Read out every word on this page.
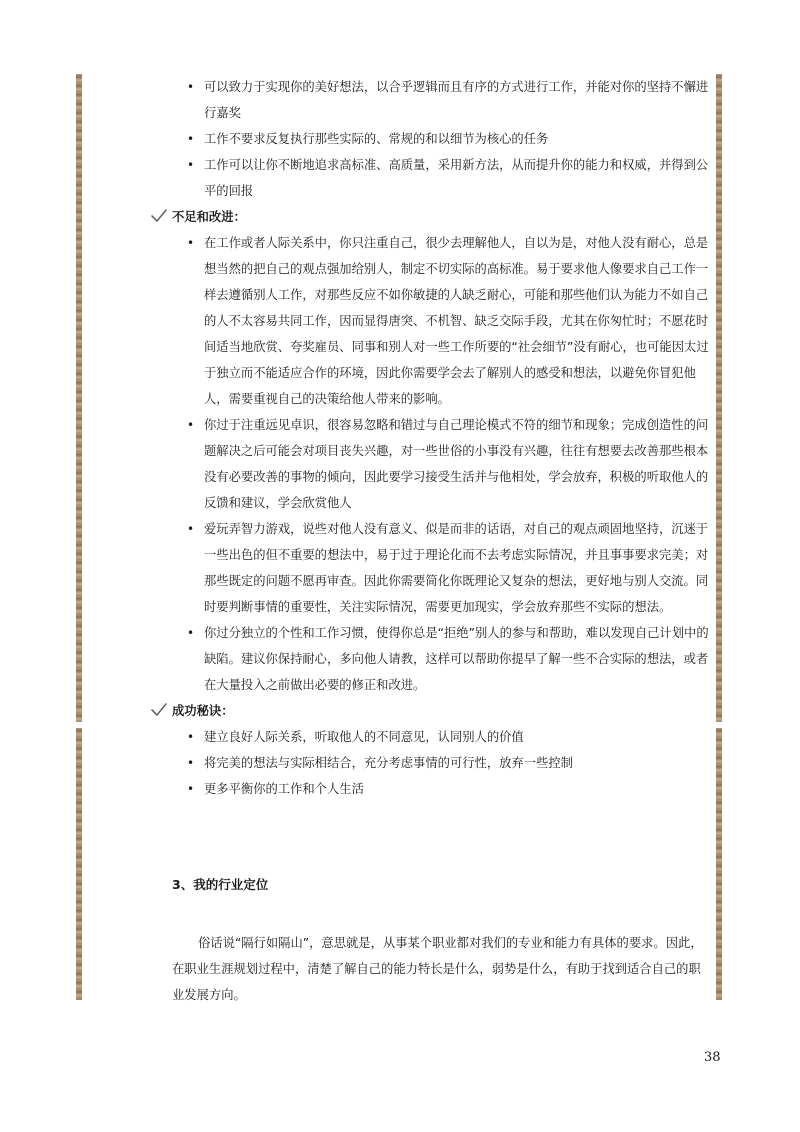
• 可以致力于实现你的美好想法，以合乎逻辑而且有序的方式进行工作，并能对你的坚持不懈进行嘉奖
• 工作不要求反复执行那些实际的、常规的和以细节为核心的任务
• 工作可以让你不断地追求高标准、高质量，采用新方法，从而提升你的能力和权威，并得到公平的回报
不足和改进：
• 在工作或者人际关系中，你只注重自己，很少去理解他人，自以为是，对他人没有耐心，总是想当然的把自己的观点强加给别人，制定不切实际的高标准。易于要求他人像要求自己工作一样去遵循别人工作，对那些反应不如你敏捷的人缺乏耐心，可能和那些他们认为能力不如自己的人不太容易共同工作，因而显得唐突、不机智、缺乏交际手段，尤其在你匆忙时；不愿花时间适当地欣赏、夸奖雇员、同事和别人对一些工作所要的“社会细节”没有耐心，也可能因太过于独立而不能适应合作的环境，因此你需要学会去了解别人的感受和想法，以避免你冒犯他人，需要重视自己的决策给他人带来的影响。
• 你过于注重远见卓识，很容易忽略和错过与自己理论模式不符的细节和现象；完成创造性的问题解决之后可能会对项目丧失兴趣，对一些世俗的小事没有兴趣，往往有想要去改善那些根本没有必要改善的事物的倾向，因此要学习接受生活并与他相处，学会放弃，积极的听取他人的反馈和建议，学会欣赏他人
• 爱玩弄智力游戏，说些对他人没有意义、似是而非的话语，对自己的观点顽固地坚持，沉迷于一些出色的但不重要的想法中，易于过于理论化而不去考虑实际情况，并且事事要求完美；对那些既定的问题不愿再审查。因此你需要简化你既理论又复杂的想法，更好地与别人交流。同时要判断事情的重要性，关注实际情况，需要更加现实，学会放弃那些不实际的想法。
• 你过分独立的个性和工作习惯，使得你总是“拒绝”别人的参与和帮助，难以发现自己计划中的缺陷。建议你保持耐心，多向他人请教，这样可以帮助你提早了解一些不合实际的想法，或者在大量投入之前做出必要的修正和改进。
成功秘诀：
• 建立良好人际关系，听取他人的不同意见，认同别人的价值
• 将完美的想法与实际相结合，充分考虑事情的可行性，放弃一些控制
• 更多平衡你的工作和个人生活
3、我的行业定位
俗话说“隔行如隔山”，意思就是，从事某个职业都对我们的专业和能力有具体的要求。因此，在职业生涯规划过程中，清楚了解自己的能力特长是什么，弱势是什么，有助于找到适合自己的职业发展方向。
38
